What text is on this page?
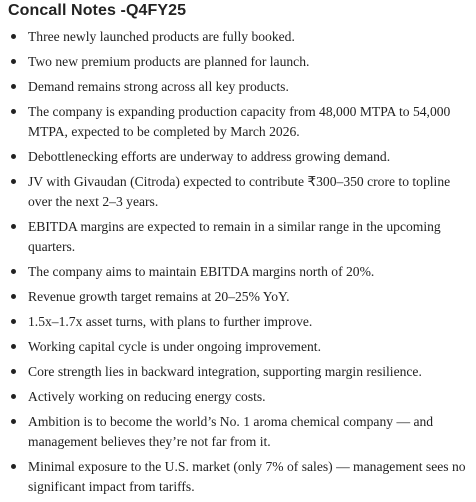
Concall Notes -Q4FY25
Three newly launched products are fully booked.
Two new premium products are planned for launch.
Demand remains strong across all key products.
The company is expanding production capacity from 48,000 MTPA to 54,000 MTPA, expected to be completed by March 2026.
Debottlenecking efforts are underway to address growing demand.
JV with Givaudan (Citroda) expected to contribute ₹300–350 crore to topline over the next 2–3 years.
EBITDA margins are expected to remain in a similar range in the upcoming quarters.
The company aims to maintain EBITDA margins north of 20%.
Revenue growth target remains at 20–25% YoY.
1.5x–1.7x asset turns, with plans to further improve.
Working capital cycle is under ongoing improvement.
Core strength lies in backward integration, supporting margin resilience.
Actively working on reducing energy costs.
Ambition is to become the world’s No. 1 aroma chemical company — and management believes they’re not far from it.
Minimal exposure to the U.S. market (only 7% of sales) — management sees no significant impact from tariffs.
